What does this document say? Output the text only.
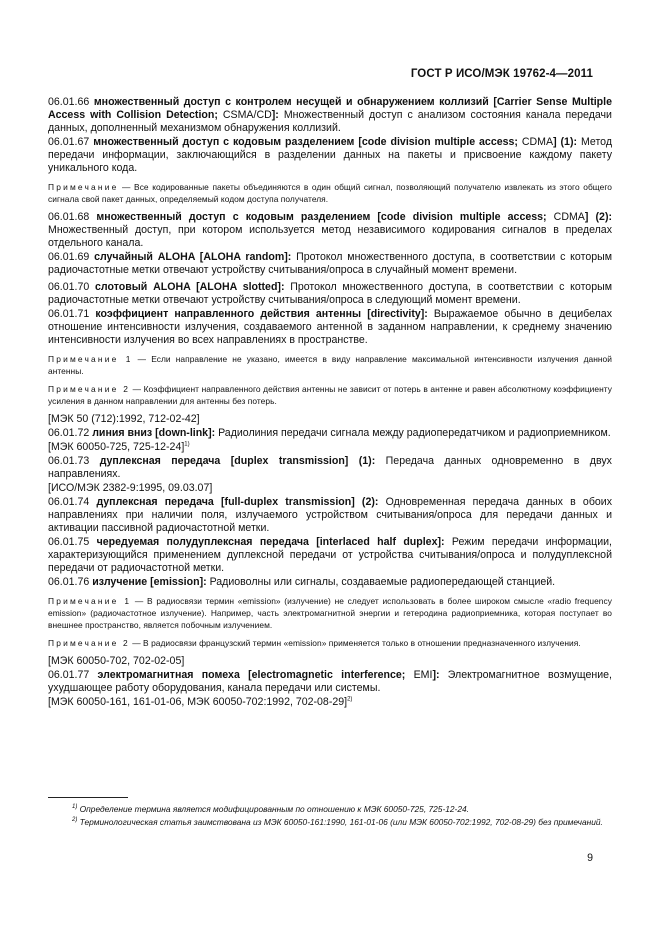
ГОСТ Р ИСО/МЭК 19762-4—2011

06.01.66 множественный доступ с контролем несущей и обнаружением коллизий [Carrier Sense Multiple Access with Collision Detection; CSMA/CD]: Множественный доступ с анализом состояния канала передачи данных, дополненный механизмом обнаружения коллизий.

06.01.67 множественный доступ с кодовым разделением [code division multiple access; CDMA] (1): Метод передачи информации, заключающийся в разделении данных на пакеты и присвоение каждому пакету уникального кода.

Примечание — Все кодированные пакеты объединяются в один общий сигнал, позволяющий получателю извлекать из этого общего сигнала свой пакет данных, определяемый кодом доступа получателя.

06.01.68 множественный доступ с кодовым разделением [code division multiple access; CDMA] (2): Множественный доступ, при котором используется метод независимого кодирования сигналов в пределах отдельного канала.

06.01.69 случайный ALOHA [ALOHA random]: Протокол множественного доступа, в соответствии с которым радиочастотные метки отвечают устройству считывания/опроса в случайный момент времени.

06.01.70 слотовый ALOHA [ALOHA slotted]: Протокол множественного доступа, в соответствии с которым радиочастотные метки отвечают устройству считывания/опроса в следующий момент времени.

06.01.71 коэффициент направленного действия антенны [directivity]: Выражаемое обычно в децибелах отношение интенсивности излучения, создаваемого антенной в заданном направлении, к среднему значению интенсивности излучения во всех направлениях в пространстве.

Примечание 1 — Если направление не указано, имеется в виду направление максимальной интенсивности излучения данной антенны.

Примечание 2 — Коэффициент направленного действия антенны не зависит от потерь в антенне и равен абсолютному коэффициенту усиления в данном направлении для антенны без потерь.

[МЭК 50 (712):1992, 712-02-42]

06.01.72 линия вниз [down-link]: Радиолиния передачи сигнала между радиопередатчиком и радиоприемником.

[МЭК 60050-725, 725-12-24]$^{1)}$

06.01.73 дуплексная передача [duplex transmission] (1): Передача данных одновременно в двух направлениях.

[ИСО/МЭК 2382-9:1995, 09.03.07]

06.01.74 дуплексная передача [full-duplex transmission] (2): Одновременная передача данных в обоих направлениях при наличии поля, излучаемого устройством считывания/опроса для передачи данных и активации пассивной радиочастотной метки.

06.01.75 чередуемая полудуплексная передача [interlaced half duplex]: Режим передачи информации, характеризующийся применением дуплексной передачи от устройства считывания/опроса и полудуплексной передачи от радиочастотной метки.

06.01.76 излучение [emission]: Радиоволны или сигналы, создаваемые радиопередающей станцией.

Примечание 1 — В радиосвязи термин «emission» (излучение) не следует использовать в более широком смысле «radio frequency emission» (радиочастотное излучение). Например, часть электромагнитной энергии и гетеродина радиоприемника, которая поступает во внешнее пространство, является побочным излучением.

Примечание 2 — В радиосвязи французский термин «emission» применяется только в отношении предназначенного излучения.

[МЭК 60050-702, 702-02-05]

06.01.77 электромагнитная помеха [electromagnetic interference; EMI]: Электромагнитное возмущение, ухудшающее работу оборудования, канала передачи или системы.

[МЭК 60050-161, 161-01-06, МЭК 60050-702:1992, 702-08-29]$^{2)}$

$^{1)}$ Определение термина является модифицированным по отношению к МЭК 60050-725, 725-12-24.

$^{2)}$ Терминологическая статья заимствована из МЭК 60050-161:1990, 161-01-06 (или МЭК 60050-702:1992, 702-08-29) без примечаний.

9
